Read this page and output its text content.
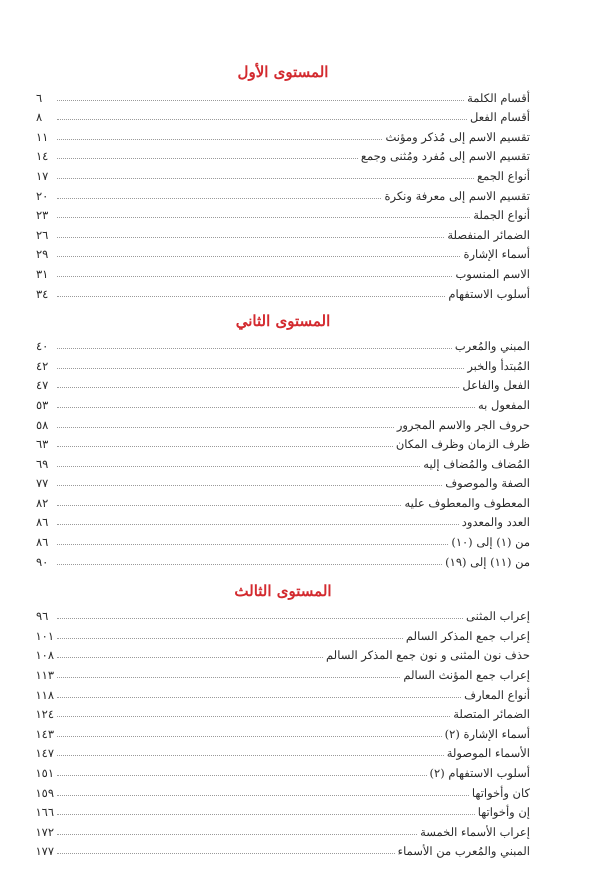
المستوى الأول
أقسام الكلمة
٦
أقسام الفعل
٨
تقسيم الاسم إلى مُذكر ومؤنث
١١
تقسيم الاسم إلى مُفرد ومُثنى وجمع
١٤
أنواع الجمع
١٧
تقسيم الاسم إلى معرفة ونكرة
٢٠
أنواع الجملة
٢٣
الضمائر المنفصلة
٢٦
أسماء الإشارة
٢٩
الاسم المنسوب
٣١
أسلوب الاستفهام
٣٤
المستوى الثاني
المبني والمُعرب
٤٠
المُبتدأ والخبر
٤٢
الفعل والفاعل
٤٧
المفعول به
٥٣
حروف الجر والاسم المجرور
٥٨
ظرف الزمان وظرف المكان
٦٣
المُضاف والمُضاف إليه
٦٩
الصفة والموصوف
٧٧
المعطوف والمعطوف عليه
٨٢
العدد والمعدود
٨٦
من (١) إلى (١٠)
٨٦
من (١١) إلى (١٩)
٩٠
المستوى الثالث
إعراب المثنى
٩٦
إعراب جمع المذكر السالم
١٠١
حذف نون المثنى و نون جمع المذكر السالم
١٠٨
إعراب جمع المؤنث السالم
١١٣
أنواع المعارف
١١٨
الضمائر المتصلة
١٢٤
أسماء الإشارة (٢)
١٤٣
الأسماء الموصولة
١٤٧
أسلوب الاستفهام (٢)
١٥١
كان وأخواتها
١٥٩
إن وأخواتها
١٦٦
إعراب الأسماء الخمسة
١٧٢
المبني والمُعرب من الأسماء
١٧٧
